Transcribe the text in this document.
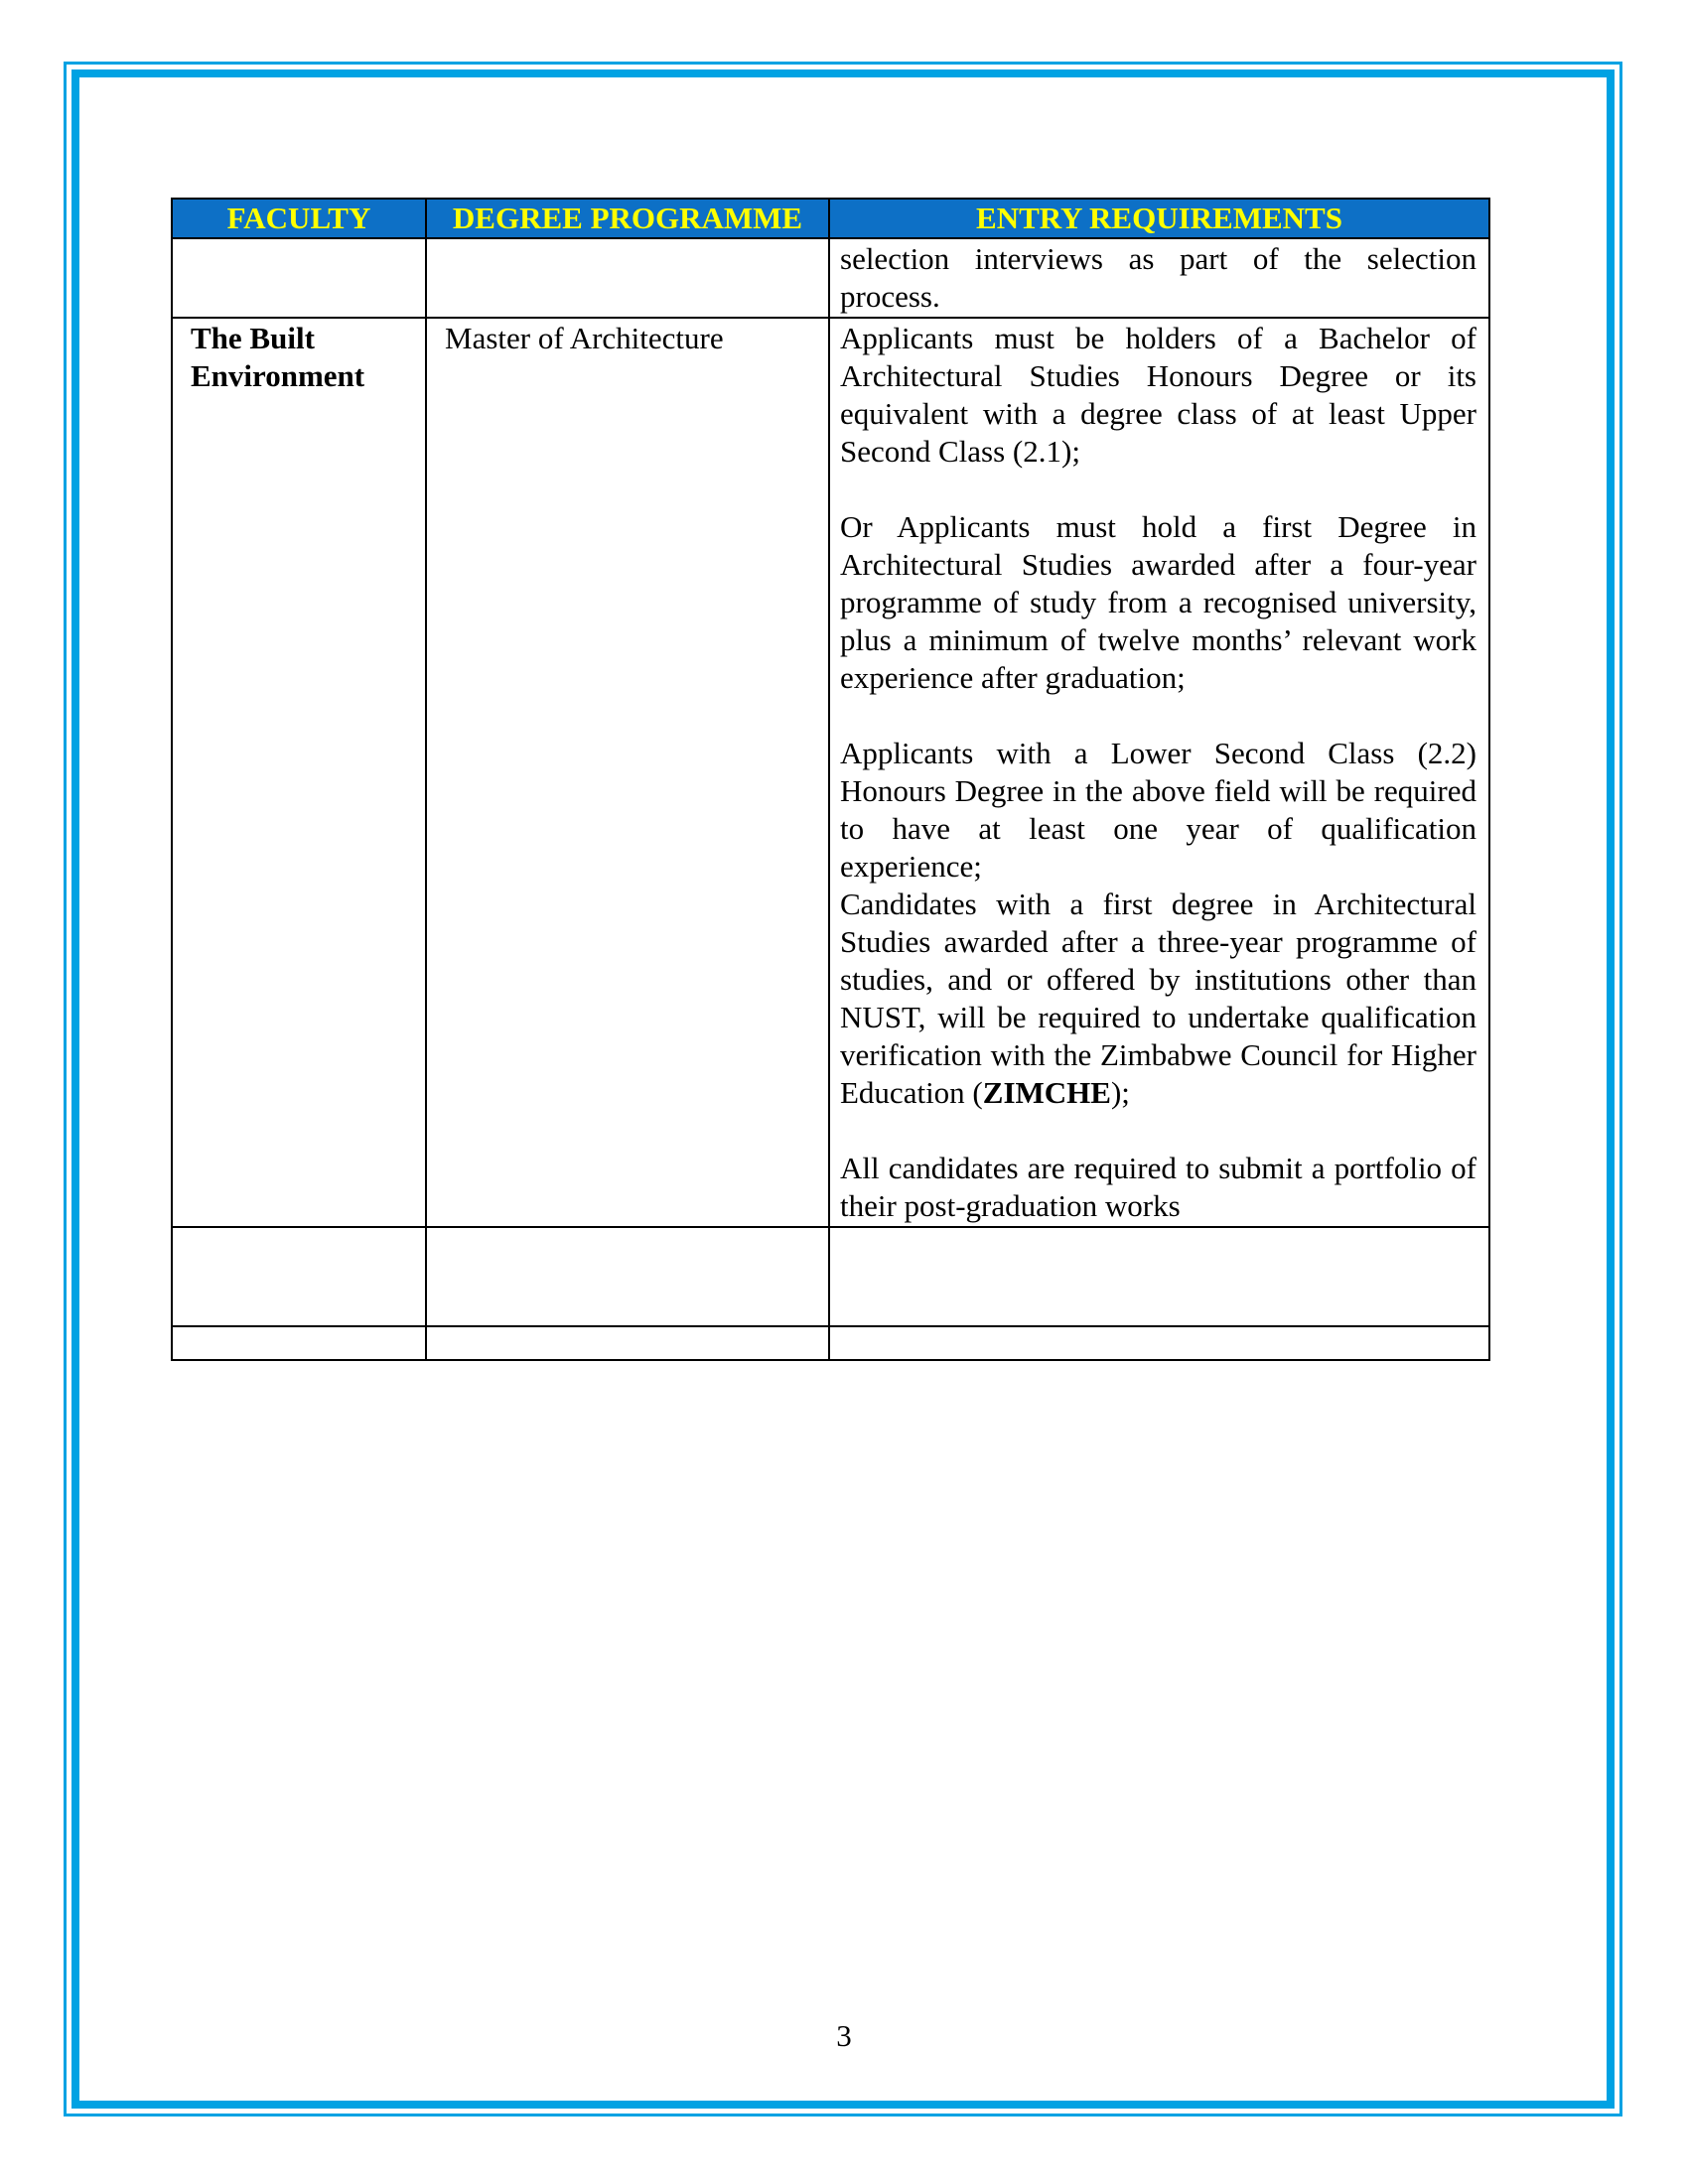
FACULTY	DEGREE PROGRAMME	ENTRY REQUIREMENTS
		selection interviews as part of the selection process.

The Built Environment	Master of Architecture	Applicants must be holders of a Bachelor of Architectural Studies Honours Degree or its equivalent with a degree class of at least Upper Second Class (2.1);

Or Applicants must hold a first Degree in Architectural Studies awarded after a four-year programme of study from a recognised university, plus a minimum of twelve months’ relevant work experience after graduation;

Applicants with a Lower Second Class (2.2) Honours Degree in the above field will be required to have at least one year of qualification experience;

Candidates with a first degree in Architectural Studies awarded after a three-year programme of studies, and or offered by institutions other than NUST, will be required to undertake qualification verification with the Zimbabwe Council for Higher Education (ZIMCHE);

All candidates are required to submit a portfolio of their post-graduation works

3
